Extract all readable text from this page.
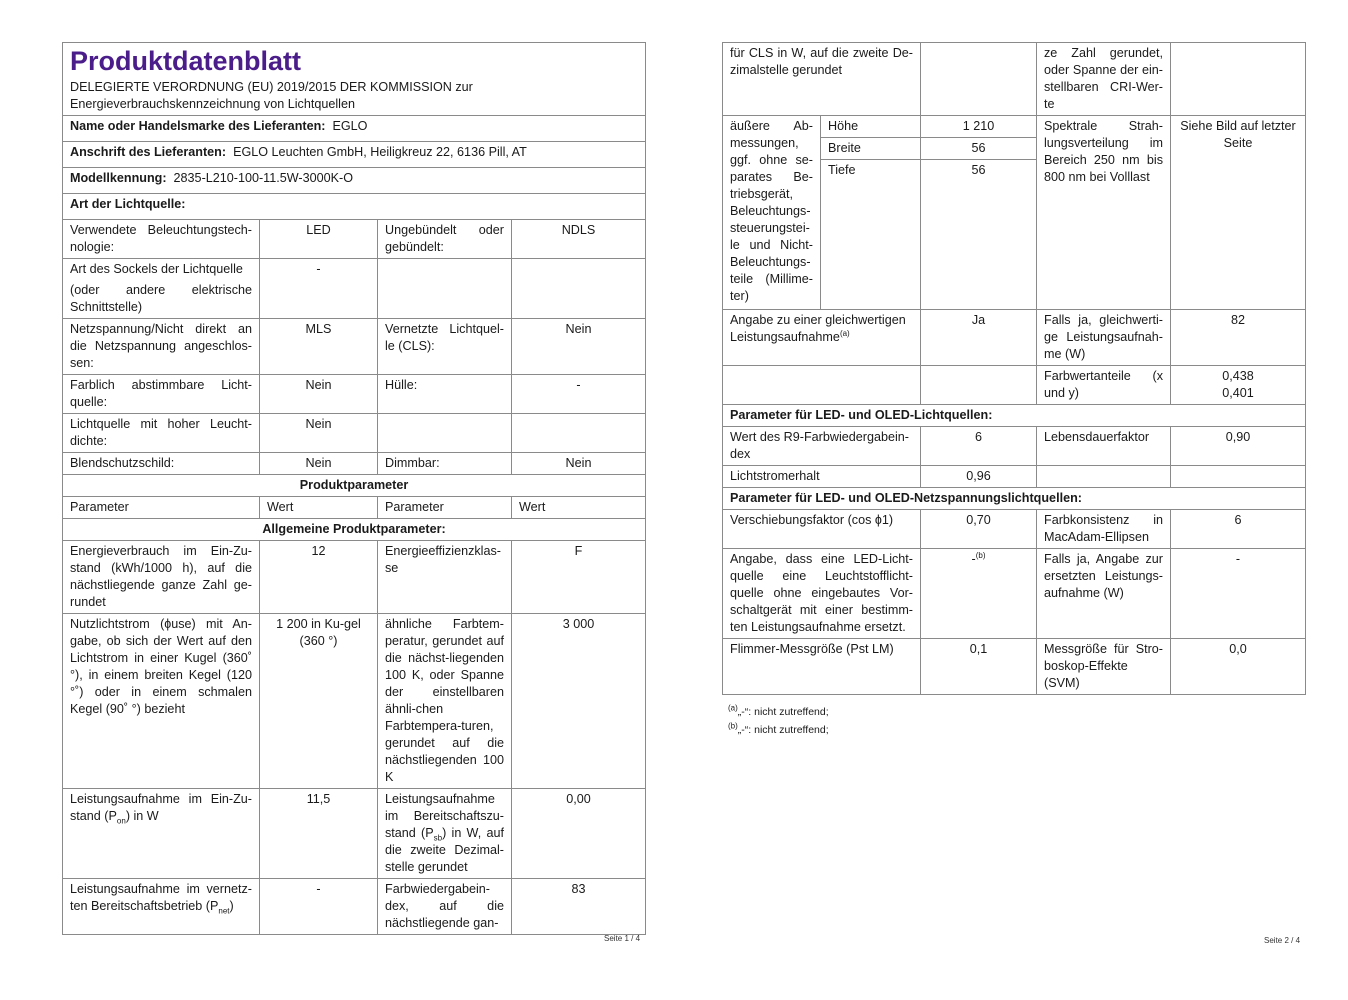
Produktdatenblatt
DELEGIERTE VERORDNUNG (EU) 2019/2015 DER KOMMISSION zur Energieverbrauchskennzeichnung von Lichtquellen			

Name oder Handelsmarke des Lieferanten: EGLO			
Anschrift des Lieferanten: EGLO Leuchten GmbH, Heiligkreuz 22, 6136 Pill, AT			
Modellkennung: 2835-L210-100-11.5W-3000K-O			
Art der Lichtquelle:			
Verwendete Beleuchtungstech-nologie:	LED	Ungebündelt oder gebündelt:	NDLS

Art des Sockels der Lichtquelle
(oder andere elektrische Schnittstelle)	-		
Netzspannung/Nicht direkt an die Netzspannung angeschlos-sen:	MLS	Vernetzte Lichtquel-le (CLS):	Nein
Farblich abstimmbare Licht-quelle:	Nein	Hülle:	-
Lichtquelle mit hoher Leucht-dichte:	Nein		
Blendschutzschild:	Nein	Dimmbar:	Nein
Produktparameter			
Parameter	Wert	Parameter	Wert
Allgemeine Produktparameter:			
Energieverbrauch im Ein-Zu-stand (kWh/1000 h), auf die nächstliegende ganze Zahl ge-rundet	12	Energieeffizienzklas-se	F
Nutzlichtstrom (ɸuse) mit An-gabe, ob sich der Wert auf den Lichtstrom in einer Kugel (360˚ °), in einem breiten Kegel (120 °˚) oder in einem schmalen Kegel (90˚ °) bezieht	1 200 in Ku-gel (360 °)	ähnliche Farbtem-peratur, gerundet auf die nächst-liegenden 100 K, oder Spanne der einstellbaren ähnli-chen Farbtempera-turen, gerundet auf die nächstliegenden 100 K	3 000
Leistungsaufnahme im Ein-Zu-stand $(P_{on})$ in W	11,5	Leistungsaufnahme im Bereitschaftszu-stand $(P_{sb})$ in W, auf die zweite Dezimal-stelle gerundet	0,00
Leistungsaufnahme im vernetz-ten Bereitschaftsbetrieb $(P_{net})$	-	Farbwiedergabein-dex, auf die nächstliegende gan-	83
Seite 1 / 4
für CLS in W, auf die zweite De-zimalstelle gerundet			ze Zahl gerundet, oder Spanne der ein-stellbaren CRI-Wer-te	
äußere Ab-messungen, ggf. ohne se-parates Be-triebsgerät, Beleuchtungs-steuerungstei-le und Nicht-Beleuchtungs-teile (Millime-ter)	Höhe	1 210	Spektrale Strah-lungsverteilung im Bereich 250 nm bis 800 nm bei Volllast	Siehe Bild auf letzter Seite
	Breite	56		
	Tiefe	56		
Angabe zu einer gleichwertigen Leistungsaufnahme$^{(a)}$		Ja	Falls ja, gleichwerti-ge Leistungsaufnah-me (W)	82
			Farbwertanteile (x und y)	0,438
0,401

Parameter für LED- und OLED-Lichtquellen:				
Wert des R9-Farbwiedergabein-dex		6	Lebensdauerfaktor	0,90
Lichtstromerhalt		0,96		
Parameter für LED- und OLED-Netzspannungslichtquellen:				
Verschiebungsfaktor (cos ɸ1)		0,70	Farbkonsistenz in MacAdam-Ellipsen	6
Angabe, dass eine LED-Licht-quelle eine Leuchtstofflicht-quelle ohne eingebautes Vor-schaltgerät mit einer bestimm-ten Leistungsaufnahme ersetzt.		-$^{(b)}$	Falls ja, Angabe zur ersetzten Leistungs-aufnahme (W)	-
Flimmer-Messgröße (Pst LM)		0,1	Messgröße für Stro-boskop-Effekte (SVM)	0,0
$^{(a)}$„-“: nicht zutreffend;
$^{(b)}$„-“: nicht zutreffend;
Seite 2 / 4
